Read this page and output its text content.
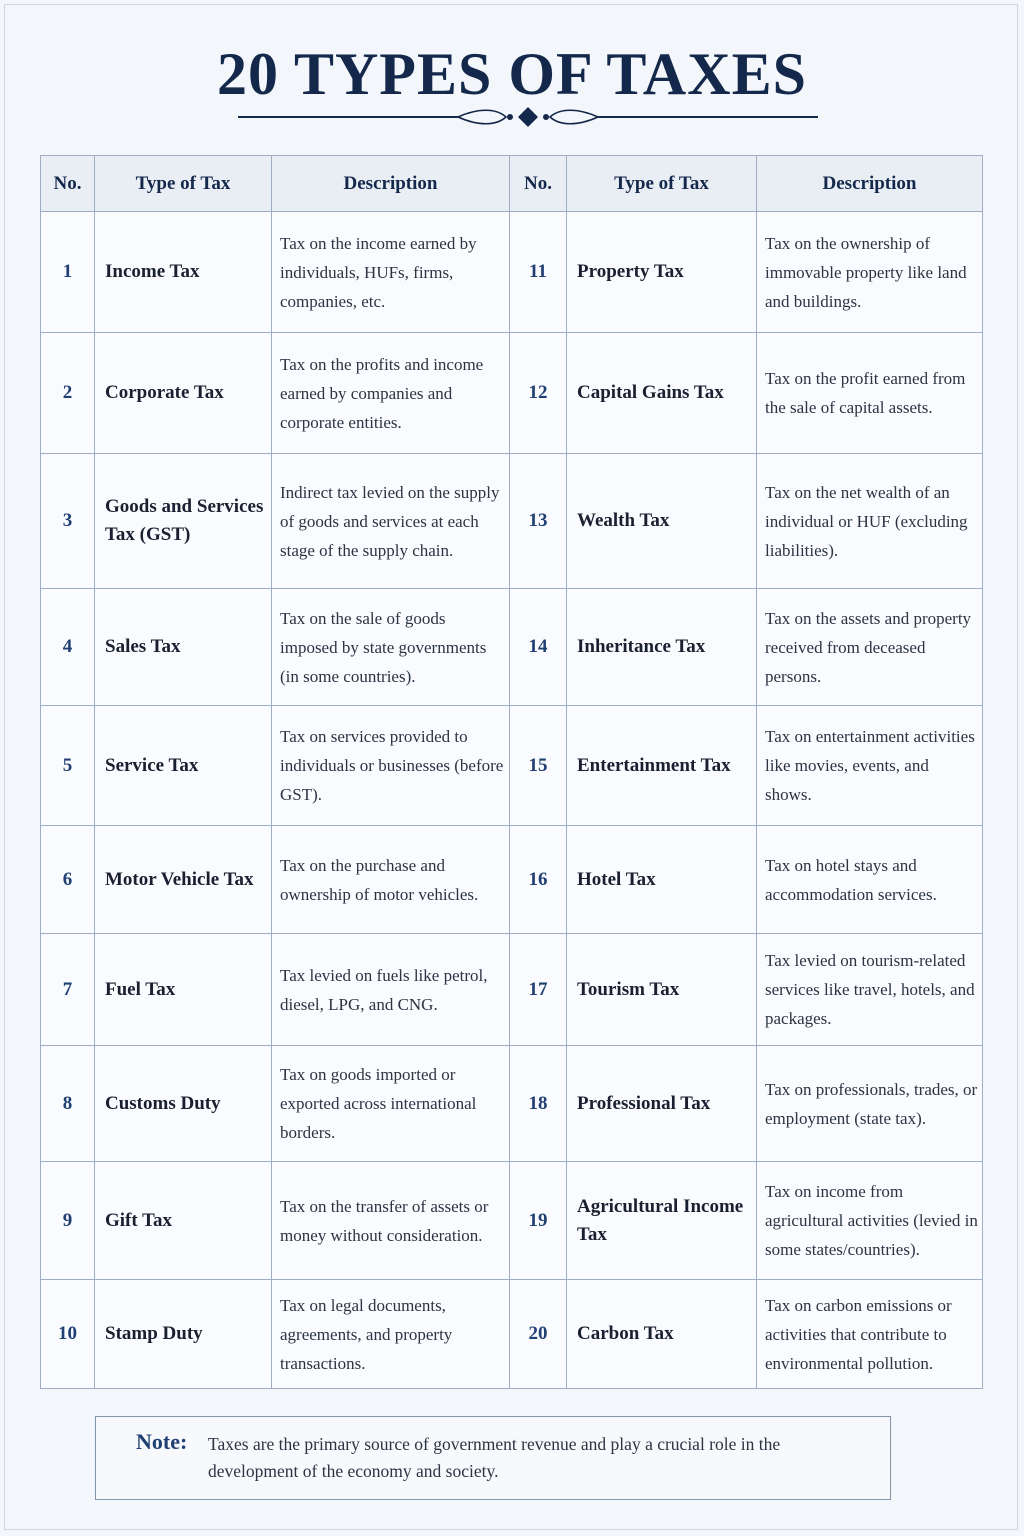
20 TYPES OF TAXES
No.	Type of Tax	Description	No.	Type of Tax	Description
1	Income Tax	Tax on the income earned by individuals, HUFs, firms, companies, etc.	11	Property Tax	Tax on the ownership of immovable property like land and buildings.
2	Corporate Tax	Tax on the profits and income earned by companies and corporate entities.	12	Capital Gains Tax	Tax on the profit earned from the sale of capital assets.
3	Goods and Services Tax (GST)	Indirect tax levied on the supply of goods and services at each stage of the supply chain.	13	Wealth Tax	Tax on the net wealth of an individual or HUF (excluding liabilities).
4	Sales Tax	Tax on the sale of goods imposed by state governments (in some countries).	14	Inheritance Tax	Tax on the assets and property received from deceased persons.
5	Service Tax	Tax on services provided to individuals or businesses (before GST).	15	Entertainment Tax	Tax on entertainment activities like movies, events, and shows.
6	Motor Vehicle Tax	Tax on the purchase and ownership of motor vehicles.	16	Hotel Tax	Tax on hotel stays and accommodation services.
7	Fuel Tax	Tax levied on fuels like petrol, diesel, LPG, and CNG.	17	Tourism Tax	Tax levied on tourism-related services like travel, hotels, and packages.
8	Customs Duty	Tax on goods imported or exported across international borders.	18	Professional Tax	Tax on professionals, trades, or employment (state tax).
9	Gift Tax	Tax on the transfer of assets or money without consideration.	19	Agricultural Income Tax	Tax on income from agricultural activities (levied in some states/countries).
10	Stamp Duty	Tax on legal documents, agreements, and property transactions.	20	Carbon Tax	Tax on carbon emissions or activities that contribute to environmental pollution.
Note: Taxes are the primary source of government revenue and play a crucial role in the development of the economy and society.
